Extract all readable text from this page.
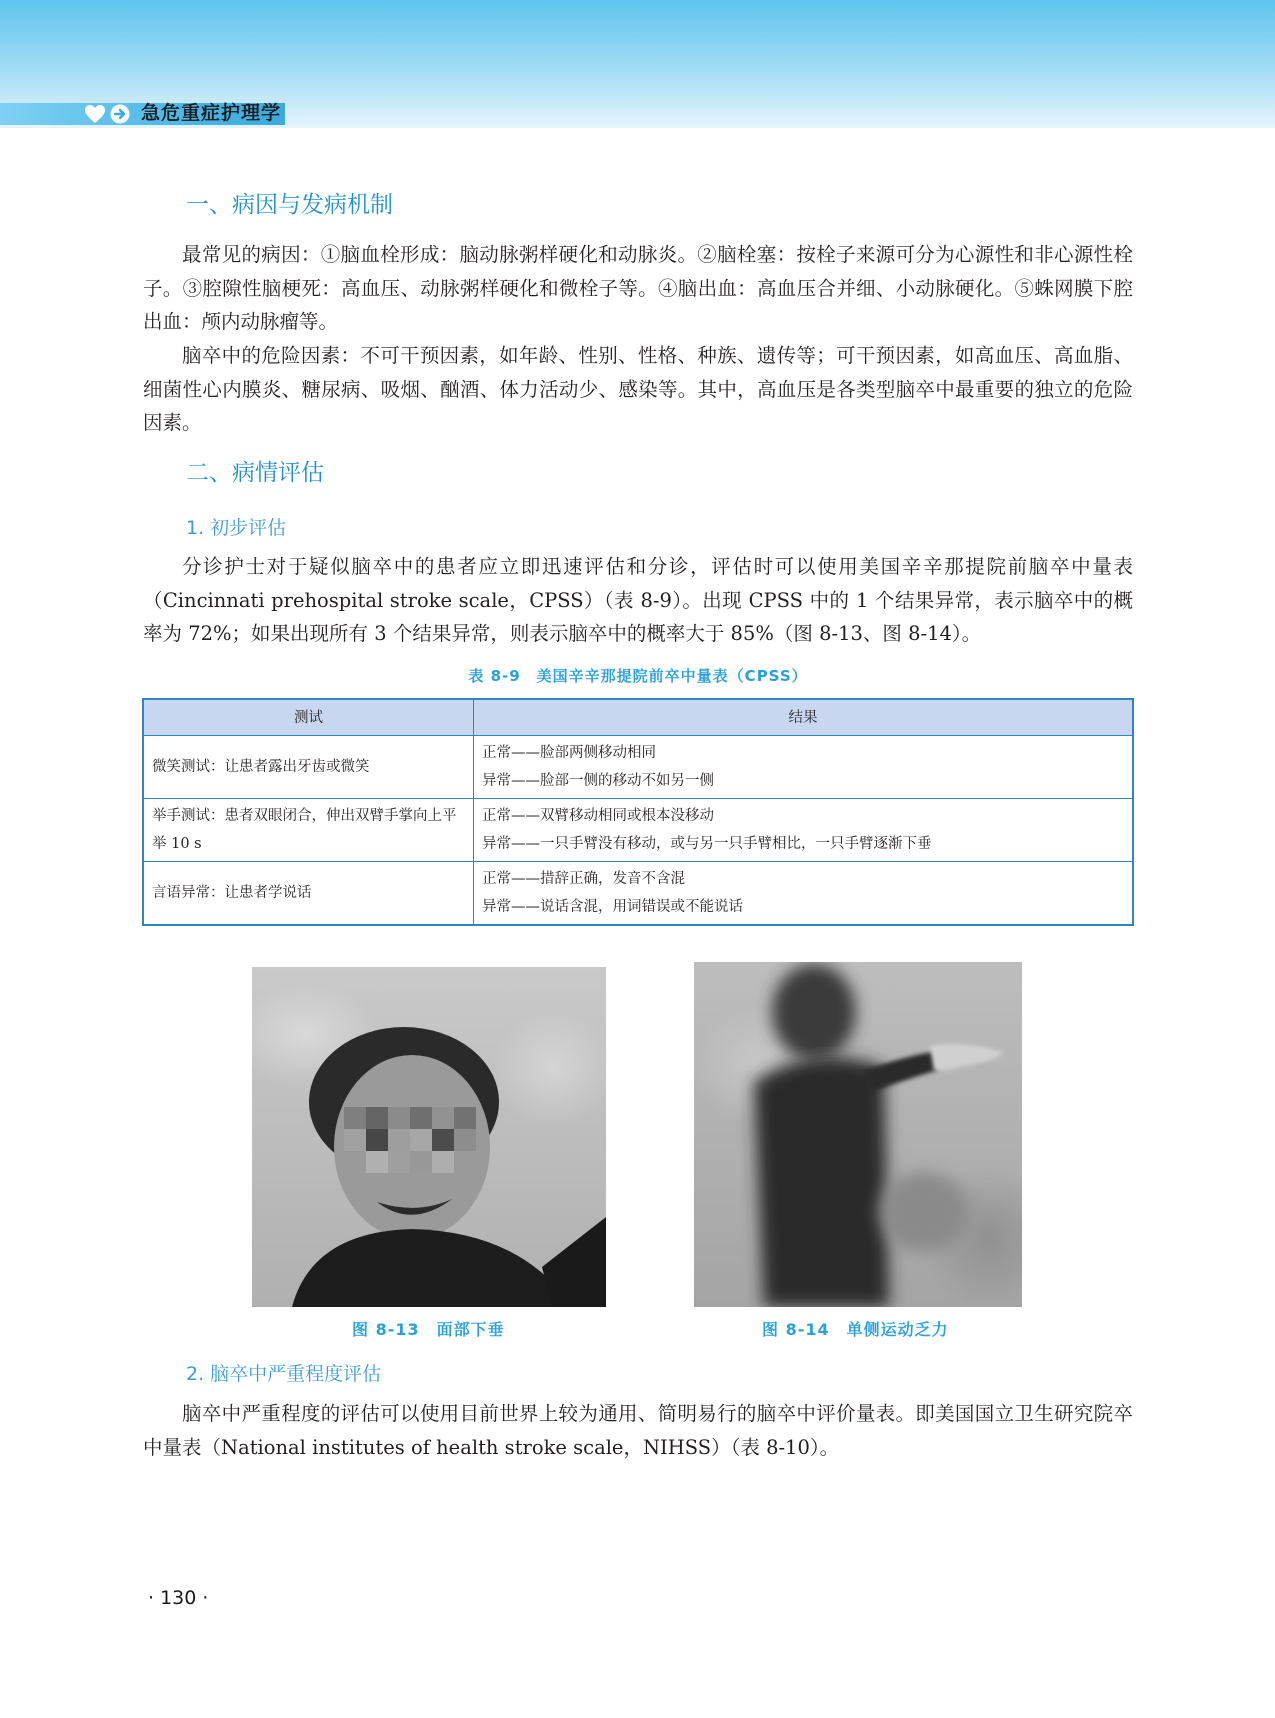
急危重症护理学
一、病因与发病机制
最常见的病因：①脑血栓形成：脑动脉粥样硬化和动脉炎。②脑栓塞：按栓子来源可分为心源性和非心源性栓子。③腔隙性脑梗死：高血压、动脉粥样硬化和微栓子等。④脑出血：高血压合并细、小动脉硬化。⑤蛛网膜下腔出血：颅内动脉瘤等。
脑卒中的危险因素：不可干预因素，如年龄、性别、性格、种族、遗传等；可干预因素，如高血压、高血脂、细菌性心内膜炎、糖尿病、吸烟、酗酒、体力活动少、感染等。其中，高血压是各类型脑卒中最重要的独立的危险因素。
二、病情评估
1. 初步评估
分诊护士对于疑似脑卒中的患者应立即迅速评估和分诊，评估时可以使用美国辛辛那提院前脑卒中量表（Cincinnati prehospital stroke scale，CPSS）（表 8-9）。出现 CPSS 中的 1 个结果异常，表示脑卒中的概率为 72%；如果出现所有 3 个结果异常，则表示脑卒中的概率大于 85%（图 8-13、图 8-14）。
表 8-9　美国辛辛那提院前卒中量表（CPSS）
测试	结果
微笑测试：让患者露出牙齿或微笑	正常——脸部两侧移动相同
异常——脸部一侧的移动不如另一侧

举手测试：患者双眼闭合，伸出双臂手掌向上平举 10 s	正常——双臂移动相同或根本没移动
异常——一只手臂没有移动，或与另一只手臂相比，一只手臂逐渐下垂

言语异常：让患者学说话	正常——措辞正确，发音不含混
异常——说话含混，用词错误或不能说话
图 8-13　面部下垂	图 8-14　单侧运动乏力
2. 脑卒中严重程度评估
脑卒中严重程度的评估可以使用目前世界上较为通用、简明易行的脑卒中评价量表。即美国国立卫生研究院卒中量表（National institutes of health stroke scale，NIHSS）（表 8-10）。
· 130 ·
